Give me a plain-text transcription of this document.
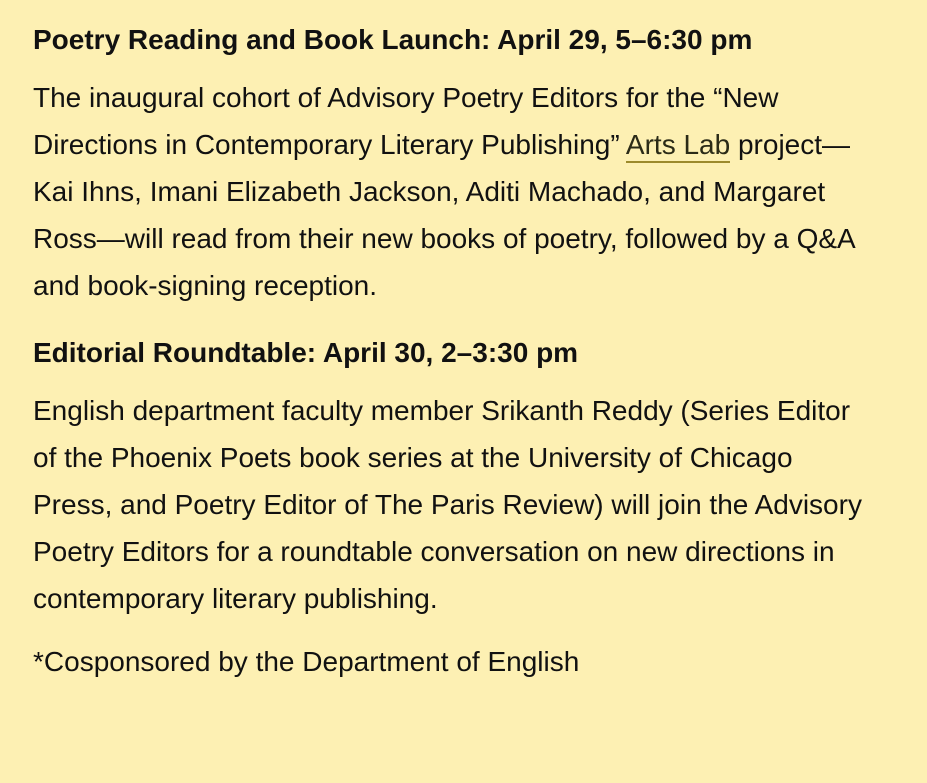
Poetry Reading and Book Launch: April 29, 5–6:30 pm

The inaugural cohort of Advisory Poetry Editors for the “New Directions in Contemporary Literary Publishing” Arts Lab project—Kai Ihns, Imani Elizabeth Jackson, Aditi Machado, and Margaret Ross—will read from their new books of poetry, followed by a Q&A and book-signing reception.

Editorial Roundtable: April 30, 2–3:30 pm

English department faculty member Srikanth Reddy (Series Editor of the Phoenix Poets book series at the University of Chicago Press, and Poetry Editor of The Paris Review) will join the Advisory Poetry Editors for a roundtable conversation on new directions in contemporary literary publishing.

*Cosponsored by the Department of English
